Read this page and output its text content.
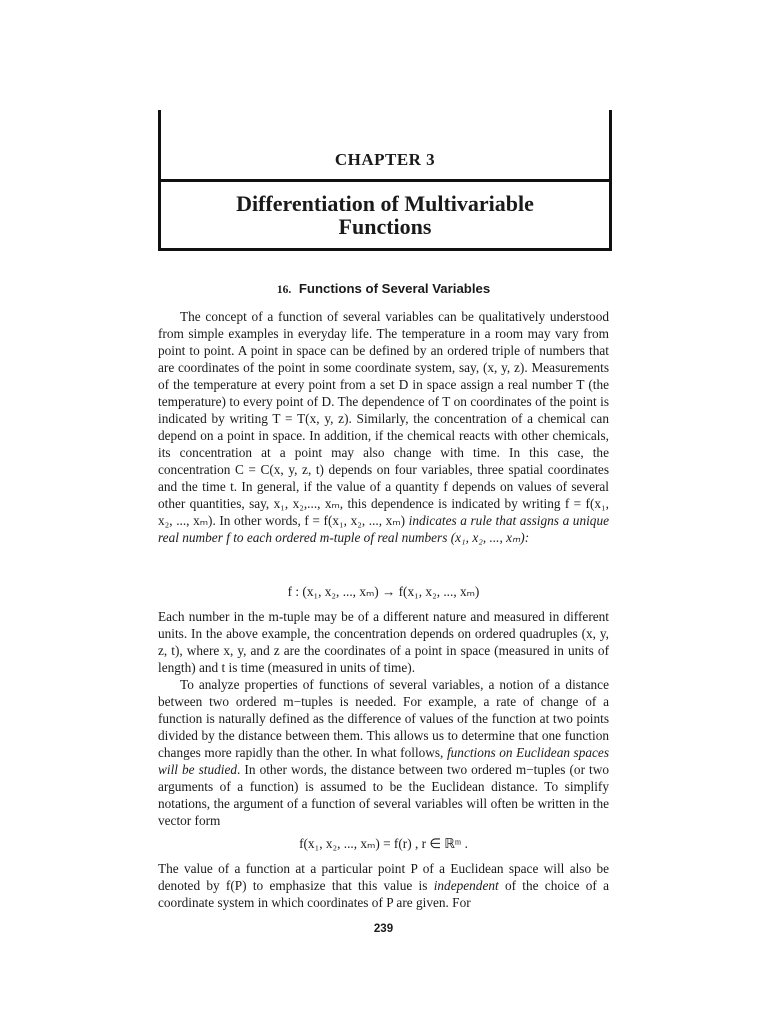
CHAPTER 3
Differentiation of Multivariable
Functions
16. Functions of Several Variables

The concept of a function of several variables can be qualitatively understood from simple examples in everyday life. The temperature in a room may vary from point to point. A point in space can be defined by an ordered triple of numbers that are coordinates of the point in some coordinate system, say, (x, y, z). Measurements of the temperature at every point from a set D in space assign a real number T (the temperature) to every point of D. The dependence of T on coordinates of the point is indicated by writing T = T(x, y, z). Similarly, the concentration of a chemical can depend on a point in space. In addition, if the chemical reacts with other chemicals, its concentration at a point may also change with time. In this case, the concentration C = C(x, y, z, t) depends on four variables, three spatial coordinates and the time t. In general, if the value of a quantity f depends on values of several other quantities, say, x₁, x₂,..., xₘ, this dependence is indicated by writing f = f(x₁, x₂, ..., xₘ). In other words, f = f(x₁, x₂, ..., xₘ) indicates a rule that assigns a unique real number f to each ordered m-tuple of real numbers (x₁, x₂, ..., xₘ):

f : (x₁, x₂, ..., xₘ) → f(x₁, x₂, ..., xₘ)

Each number in the m-tuple may be of a different nature and measured in different units. In the above example, the concentration depends on ordered quadruples (x, y, z, t), where x, y, and z are the coordinates of a point in space (measured in units of length) and t is time (measured in units of time).

To analyze properties of functions of several variables, a notion of a distance between two ordered m−tuples is needed. For example, a rate of change of a function is naturally defined as the difference of values of the function at two points divided by the distance between them. This allows us to determine that one function changes more rapidly than the other. In what follows, functions on Euclidean spaces will be studied. In other words, the distance between two ordered m−tuples (or two arguments of a function) is assumed to be the Euclidean distance. To simplify notations, the argument of a function of several variables will often be written in the vector form

f(x₁, x₂, ..., xₘ) = f(r) , r ∈ ℝᵐ .

The value of a function at a particular point P of a Euclidean space will also be denoted by f(P) to emphasize that this value is independent of the choice of a coordinate system in which coordinates of P are given. For

239
